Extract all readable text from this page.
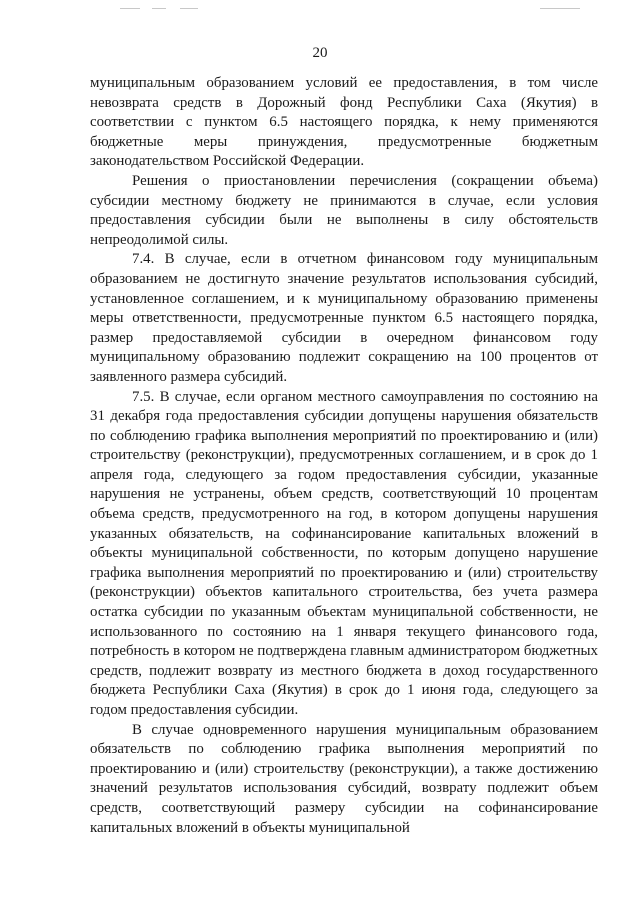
20

муниципальным образованием условий ее предоставления, в том числе невозврата средств в Дорожный фонд Республики Саха (Якутия) в соответствии с пунктом 6.5 настоящего порядка, к нему применяются бюджетные меры принуждения, предусмотренные бюджетным законодательством Российской Федерации.

Решения о приостановлении перечисления (сокращении объема) субсидии местному бюджету не принимаются в случае, если условия предоставления субсидии были не выполнены в силу обстоятельств непреодолимой силы.

7.4. В случае, если в отчетном финансовом году муниципальным образованием не достигнуто значение результатов использования субсидий, установленное соглашением, и к муниципальному образованию применены меры ответственности, предусмотренные пунктом 6.5 настоящего порядка, размер предоставляемой субсидии в очередном финансовом году муниципальному образованию подлежит сокращению на 100 процентов от заявленного размера субсидий.

7.5. В случае, если органом местного самоуправления по состоянию на 31 декабря года предоставления субсидии допущены нарушения обязательств по соблюдению графика выполнения мероприятий по проектированию и (или) строительству (реконструкции), предусмотренных соглашением, и в срок до 1 апреля года, следующего за годом предоставления субсидии, указанные нарушения не устранены, объем средств, соответствующий 10 процентам объема средств, предусмотренного на год, в котором допущены нарушения указанных обязательств, на софинансирование капитальных вложений в объекты муниципальной собственности, по которым допущено нарушение графика выполнения мероприятий по проектированию и (или) строительству (реконструкции) объектов капитального строительства, без учета размера остатка субсидии по указанным объектам муниципальной собственности, не использованного по состоянию на 1 января текущего финансового года, потребность в котором не подтверждена главным администратором бюджетных средств, подлежит возврату из местного бюджета в доход государственного бюджета Республики Саха (Якутия) в срок до 1 июня года, следующего за годом предоставления субсидии.

В случае одновременного нарушения муниципальным образованием обязательств по соблюдению графика выполнения мероприятий по проектированию и (или) строительству (реконструкции), а также достижению значений результатов использования субсидий, возврату подлежит объем средств, соответствующий размеру субсидии на софинансирование капитальных вложений в объекты муниципальной
